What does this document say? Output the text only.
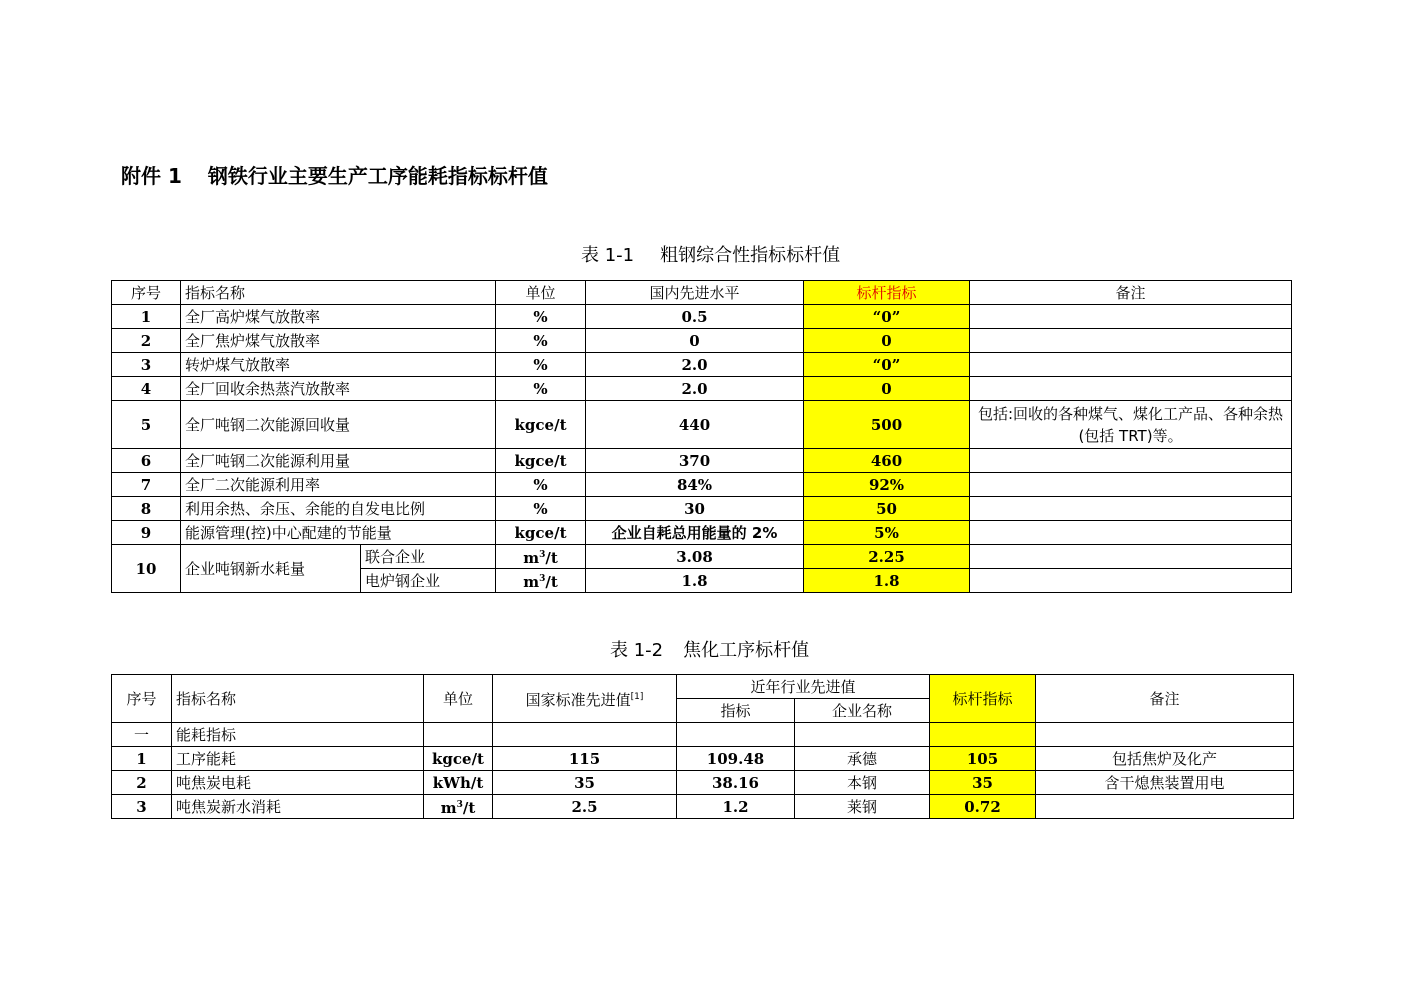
附件 1 钢铁行业主要生产工序能耗指标标杆值
表 1-1 粗钢综合性指标标杆值
序号	指标名称		单位	国内先进水平	标杆指标	备注
1	全厂高炉煤气放散率		%	0.5	“0”	
2	全厂焦炉煤气放散率		%	0	0	
3	转炉煤气放散率		%	2.0	“0”	
4	全厂回收余热蒸汽放散率		%	2.0	0	
5	全厂吨钢二次能源回收量		kgce/t	440	500	包括:回收的各种煤气、煤化工产品、各种余热(包括 TRT)等。
6	全厂吨钢二次能源利用量		kgce/t	370	460	
7	全厂二次能源利用率		%	84%	92%	
8	利用余热、余压、余能的自发电比例		%	30	50	
9	能源管理(控)中心配建的节能量		kgce/t	企业自耗总用能量的 2%	5%	
10	企业吨钢新水耗量	联合企业	$m^3/t$	3.08	2.25	
		电炉钢企业	$m^3/t$	1.8	1.8	
表 1-2 焦化工序标杆值
序号	指标名称	单位	国家标准先进值[1]	近年行业先进值		标杆指标	备注
				指标	企业名称		
一	能耗指标						
1	工序能耗	kgce/t	115	109.48	承德	105	包括焦炉及化产
2	吨焦炭电耗	kWh/t	35	38.16	本钢	35	含干熄焦装置用电
3	吨焦炭新水消耗	$m^3/t$	2.5	1.2	莱钢	0.72	
